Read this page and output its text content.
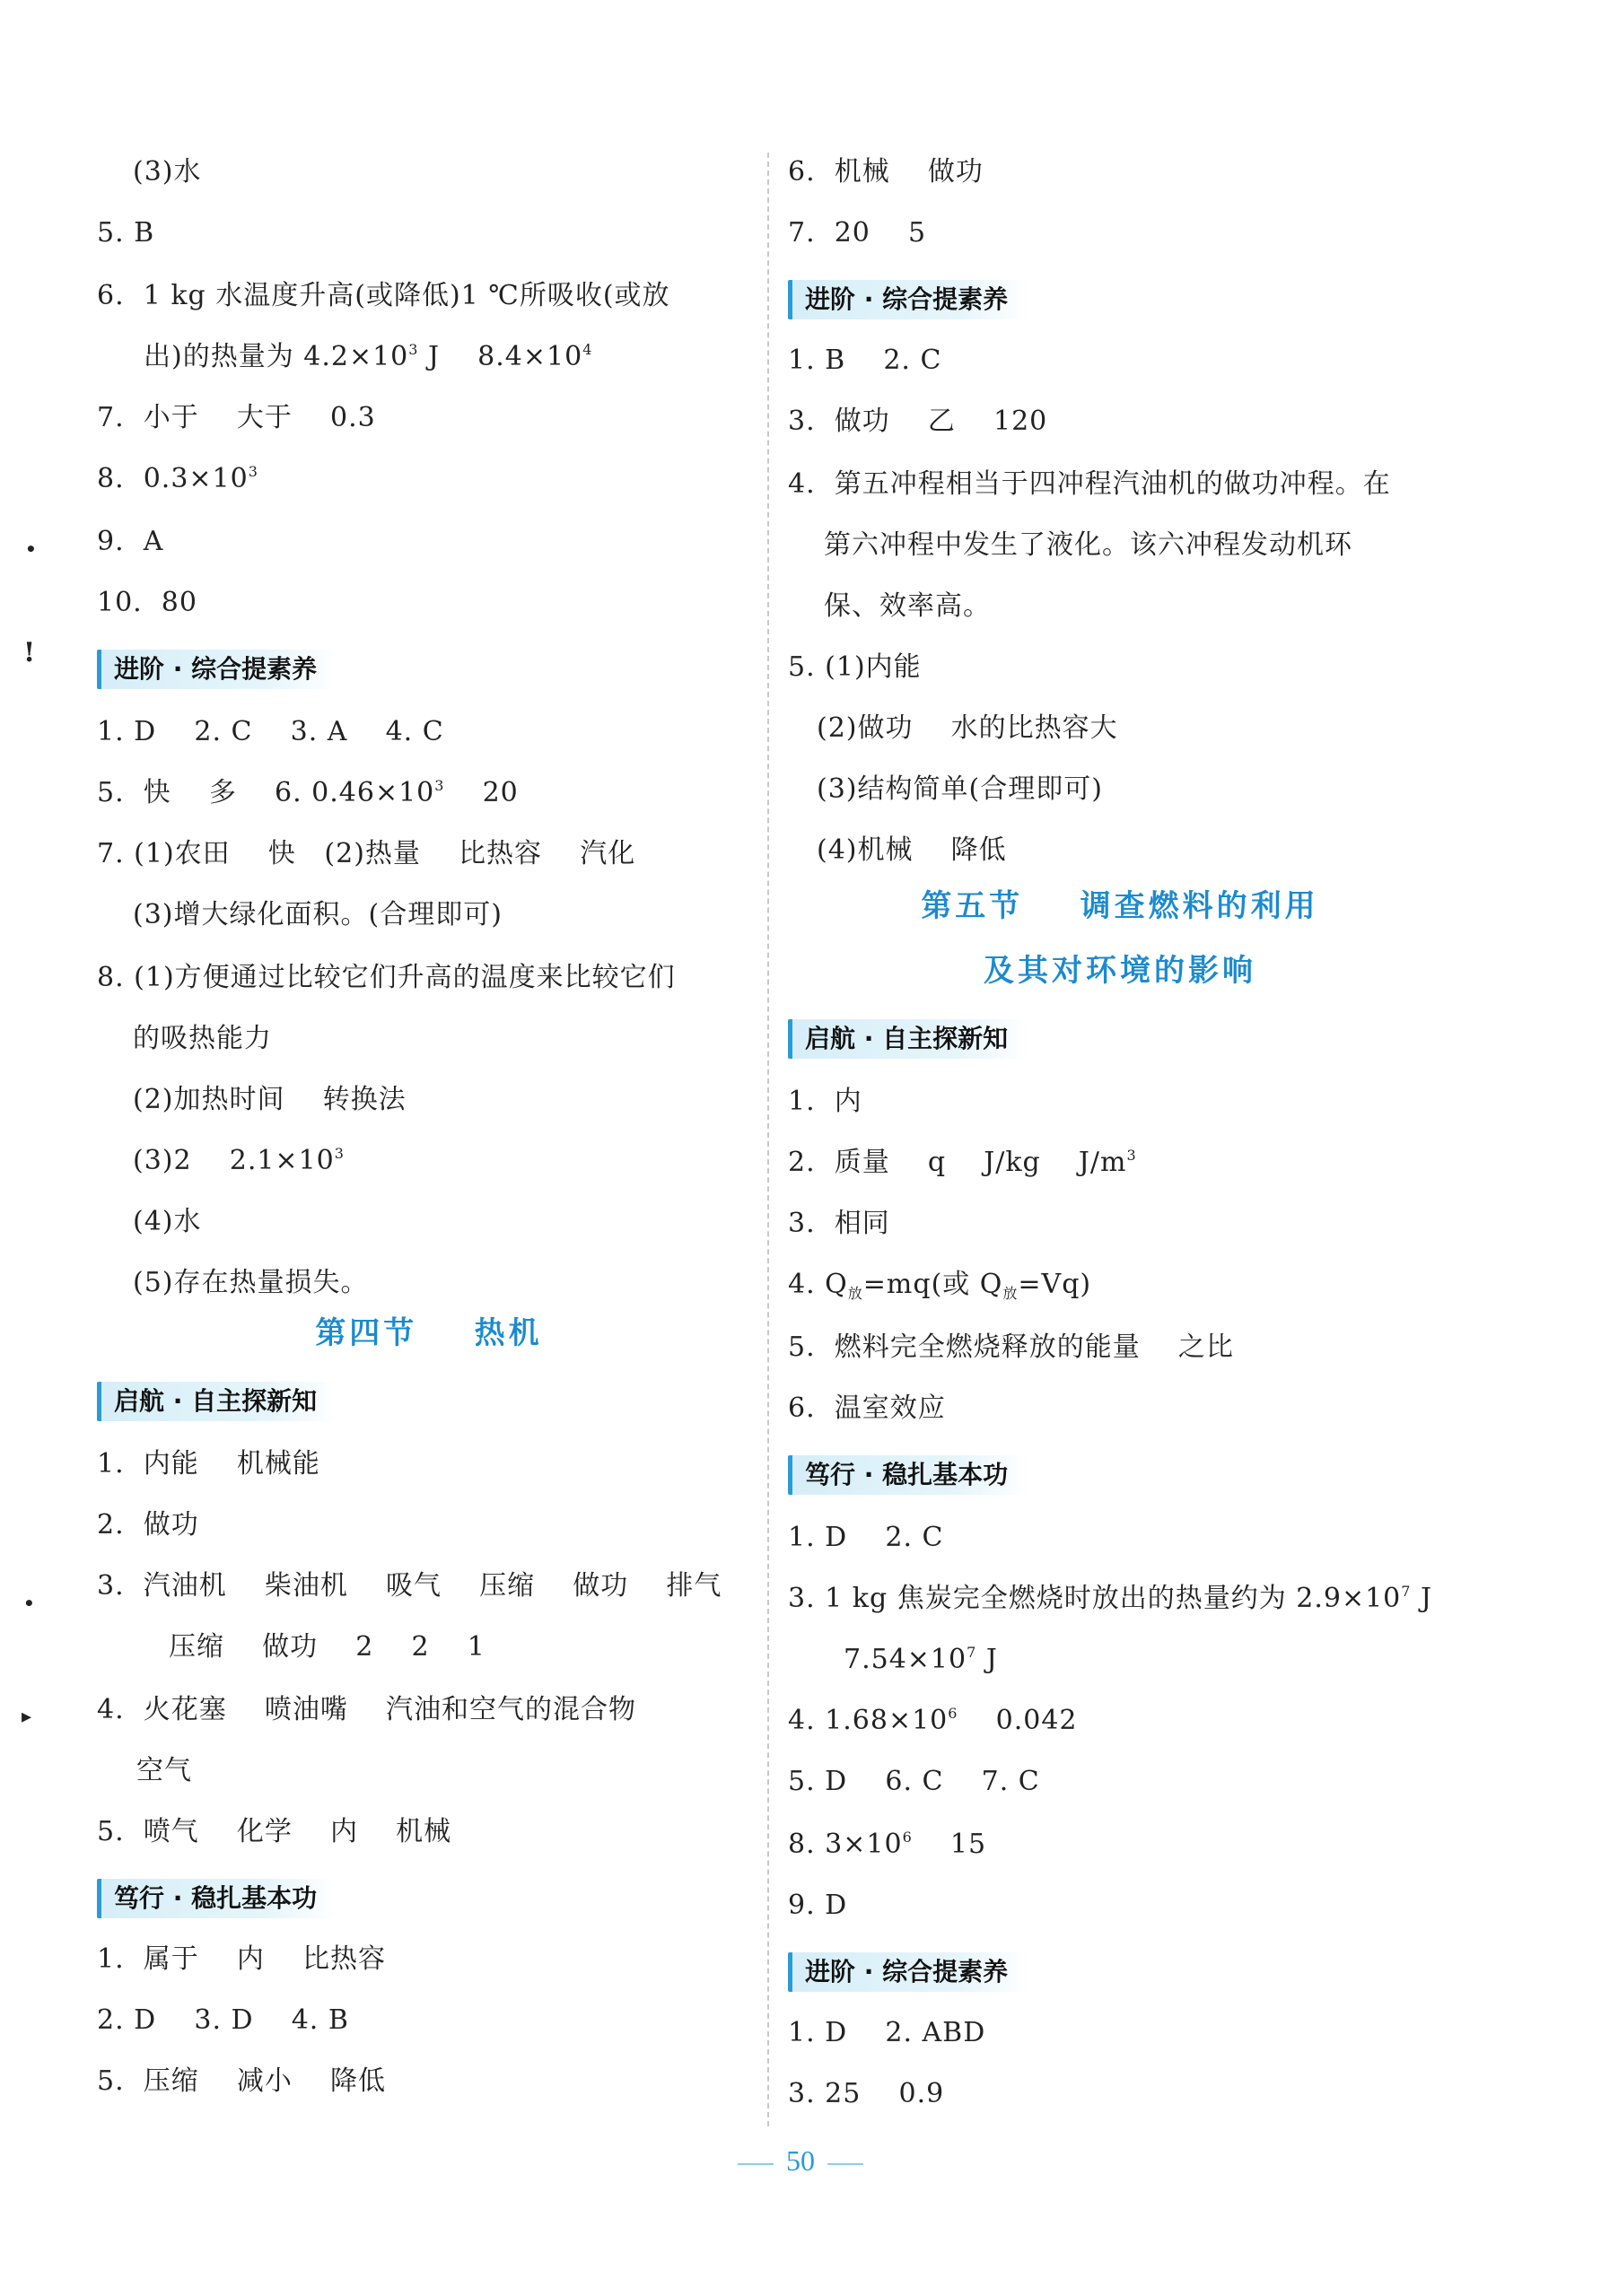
(3)水
5. B
6.  1 kg 水温度升高(或降低)1 ℃所吸收(或放
出)的热量为 $4.2\times 10^3$ J    $8.4\times 10^4$
7.  小于    大于    0.3
8.  $0.3\times 10^3$
9.  A
10.  80
进阶 · 综合提素养
1. D    2. C    3. A    4. C
5.  快    多    6. $0.46\times 10^3$    20
7. (1)农田    快   (2)热量    比热容    汽化
(3)增大绿化面积。(合理即可)
8. (1)方便通过比较它们升高的温度来比较它们
的吸热能力
(2)加热时间    转换法
(3)2    $2.1\times 10^3$
(4)水
(5)存在热量损失。
第四节    热机
启航 · 自主探新知
1.  内能    机械能
2.  做功
3.  汽油机    柴油机    吸气    压缩    做功    排气
压缩    做功    2    2    1
4.  火花塞    喷油嘴    汽油和空气的混合物
空气
5.  喷气    化学    内    机械
笃行 · 稳扎基本功
1.  属于    内    比热容
2. D    3. D    4. B
5.  压缩    减小    降低
6.  机械    做功
7.  20    5
进阶 · 综合提素养
1. B    2. C
3.  做功    乙    120
4.  第五冲程相当于四冲程汽油机的做功冲程。在
第六冲程中发生了液化。该六冲程发动机环
保、效率高。
5. (1)内能
(2)做功    水的比热容大
(3)结构简单(合理即可)
(4)机械    降低
第五节    调查燃料的利用
及其对环境的影响
启航 · 自主探新知
1.  内
2.  质量    q    J/kg    $J/m^3$
3.  相同
4. $Q_放=mq$(或 $Q_放=Vq$)
5.  燃料完全燃烧释放的能量    之比
6.  温室效应
笃行 · 稳扎基本功
1. D    2. C
3. 1 kg 焦炭完全燃烧时放出的热量约为 $2.9\times 10^7$ J
$7.54\times 10^7$ J
4. $1.68\times 10^6$    0.042
5. D    6. C    7. C
8. $3\times 10^6$    15
9. D
进阶 · 综合提素养
1. D    2. ABD
3. 25    0.9
•
!
•
▸
50
